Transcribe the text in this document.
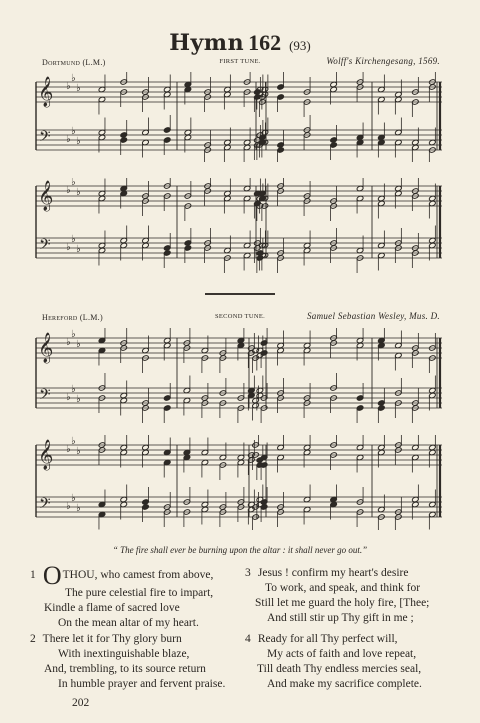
Hymn 162 (93)
Dortmund (L.M.)	FIRST TUNE.	Wolff's Kirchengesang, 1569.
𝄞
𝄢
♭
♭
♭
♭
♭
♭
𝄞
𝄢
♭
♭
♭
♭
♭
♭
Hereford (L.M.)	SECOND TUNE.	Samuel Sebastian Wesley, Mus. D.
𝄞
𝄢
♭
♭
♭
♭
♭
♭
𝄞
𝄢
♭
♭
♭
♭
♭
♭
“ The fire shall ever be burning upon the altar : it shall never go out.”
1 OTHOU, who camest from above,
The pure celestial fire to impart,
Kindle a flame of sacred love
On the mean altar of my heart.
2 There let it for Thy glory burn
With inextinguishable blaze,
And, trembling, to its source return
In humble prayer and fervent praise.
3 Jesus ! confirm my heart's desire
To work, and speak, and think for
Still let me guard the holy fire, [Thee;
And still stir up Thy gift in me ;
4 Ready for all Thy perfect will,
My acts of faith and love repeat,
Till death Thy endless mercies seal,
And make my sacrifice complete.
202
